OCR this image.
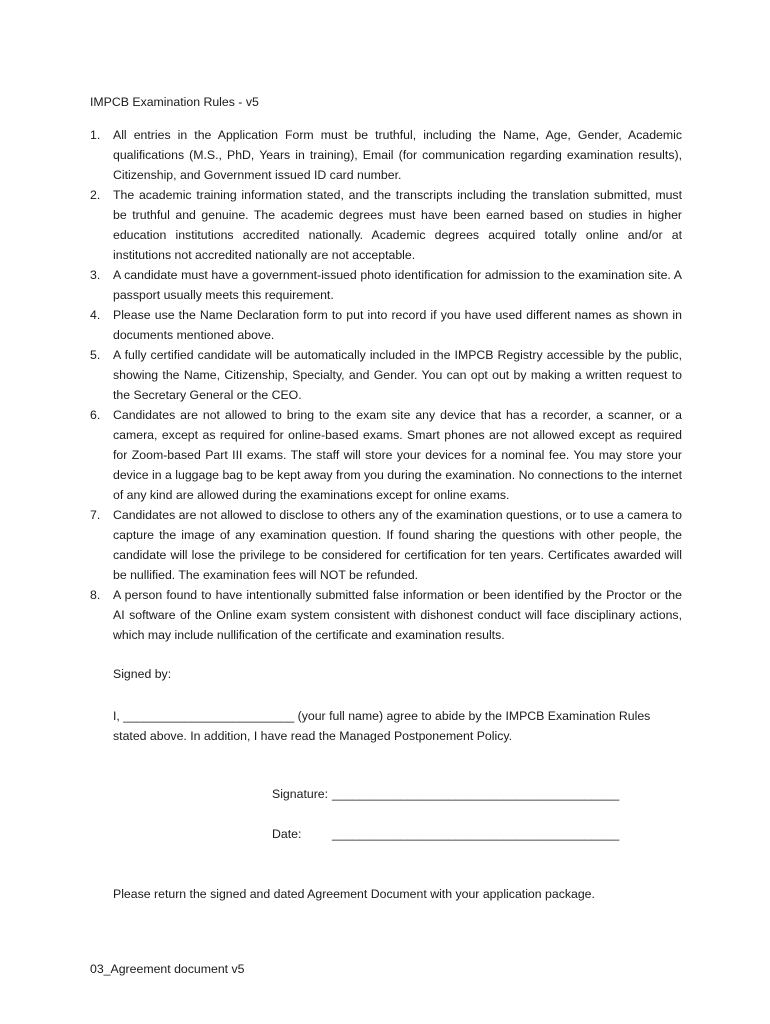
IMPCB Examination Rules - v5
1. All entries in the Application Form must be truthful, including the Name, Age, Gender, Academic qualifications (M.S., PhD, Years in training), Email (for communication regarding examination results), Citizenship, and Government issued ID card number.
2. The academic training information stated, and the transcripts including the translation submitted, must be truthful and genuine. The academic degrees must have been earned based on studies in higher education institutions accredited nationally. Academic degrees acquired totally online and/or at institutions not accredited nationally are not acceptable.
3. A candidate must have a government-issued photo identification for admission to the examination site. A passport usually meets this requirement.
4. Please use the Name Declaration form to put into record if you have used different names as shown in documents mentioned above.
5. A fully certified candidate will be automatically included in the IMPCB Registry accessible by the public, showing the Name, Citizenship, Specialty, and Gender. You can opt out by making a written request to the Secretary General or the CEO.
6. Candidates are not allowed to bring to the exam site any device that has a recorder, a scanner, or a camera, except as required for online-based exams. Smart phones are not allowed except as required for Zoom-based Part III exams. The staff will store your devices for a nominal fee. You may store your device in a luggage bag to be kept away from you during the examination. No connections to the internet of any kind are allowed during the examinations except for online exams.
7. Candidates are not allowed to disclose to others any of the examination questions, or to use a camera to capture the image of any examination question. If found sharing the questions with other people, the candidate will lose the privilege to be considered for certification for ten years. Certificates awarded will be nullified. The examination fees will NOT be refunded.
8. A person found to have intentionally submitted false information or been identified by the Proctor or the AI software of the Online exam system consistent with dishonest conduct will face disciplinary actions, which may include nullification of the certificate and examination results.
Signed by:
I, _________________________ (your full name) agree to abide by the IMPCB Examination Rules stated above. In addition, I have read the Managed Postponement Policy.
Signature: __________________________________________
Date: __________________________________________
Please return the signed and dated Agreement Document with your application package.
03_Agreement document v5
